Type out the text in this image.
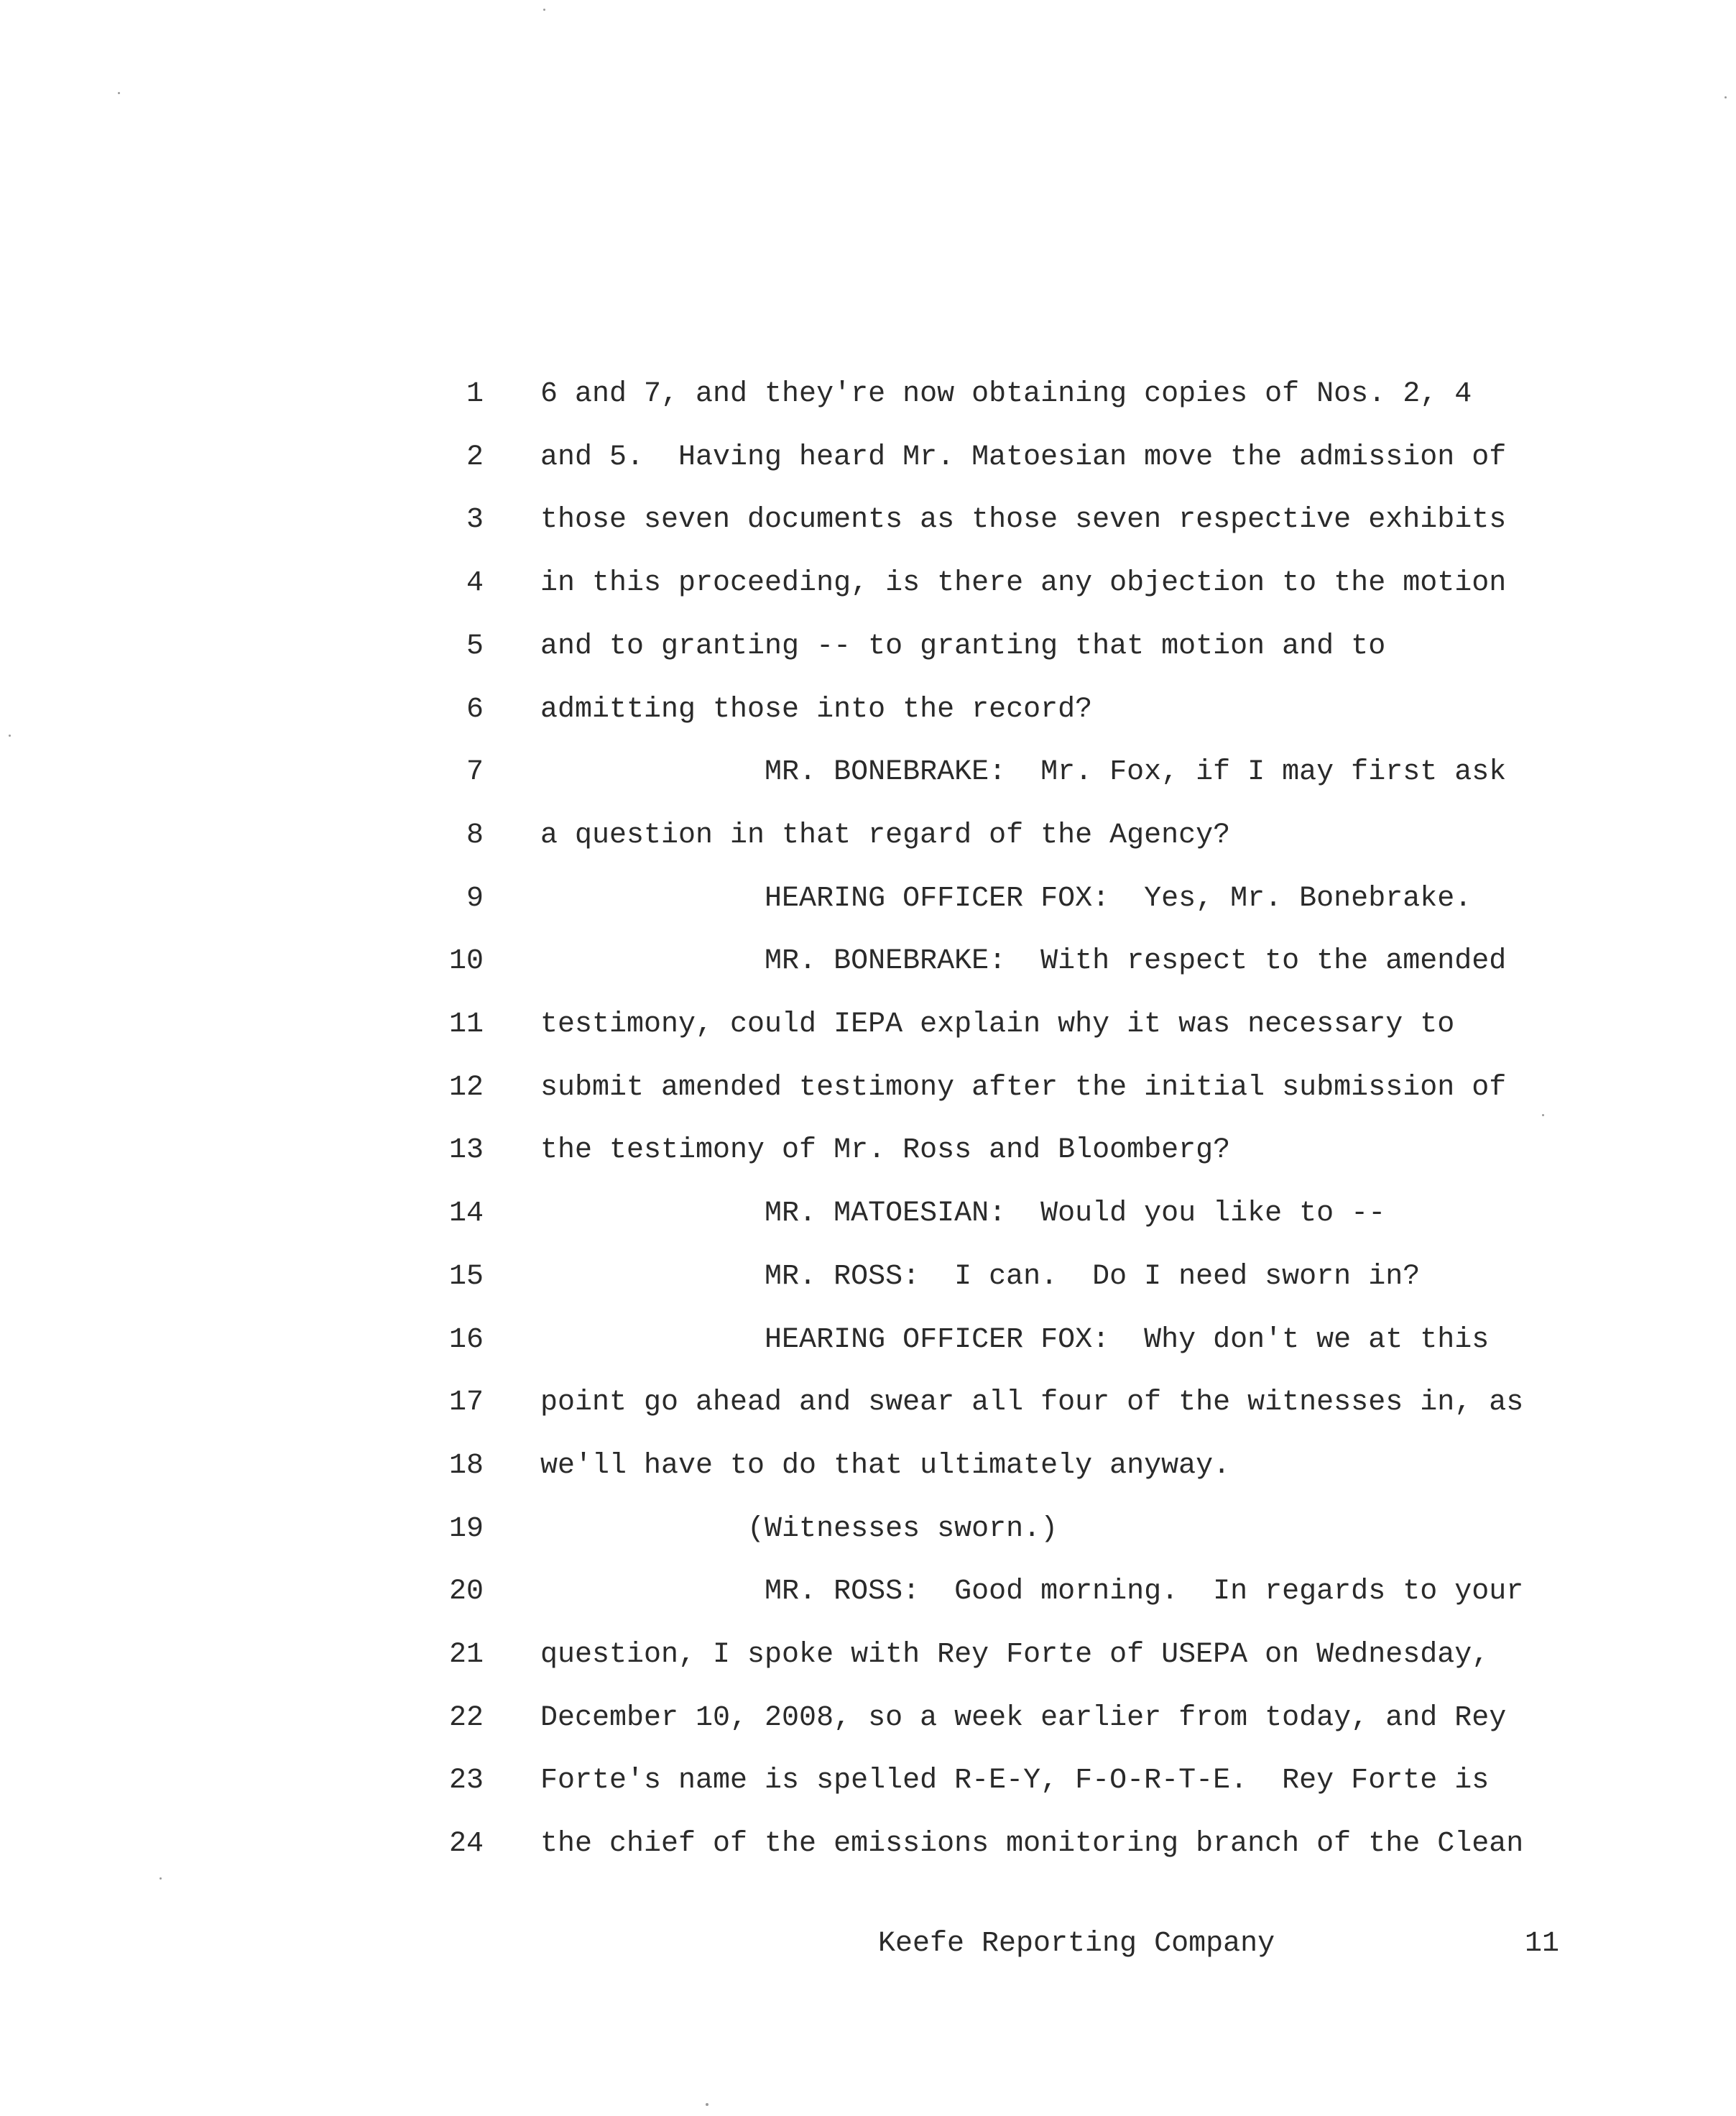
1 6 and 7, and they're now obtaining copies of Nos. 2, 4
2 and 5.  Having heard Mr. Matoesian move the admission of
3 those seven documents as those seven respective exhibits
4 in this proceeding, is there any objection to the motion
5 and to granting -- to granting that motion and to
6 admitting those into the record?
7 MR. BONEBRAKE:  Mr. Fox, if I may first ask
8 a question in that regard of the Agency?
9 HEARING OFFICER FOX:  Yes, Mr. Bonebrake.
10 MR. BONEBRAKE:  With respect to the amended
11 testimony, could IEPA explain why it was necessary to
12 submit amended testimony after the initial submission of
13 the testimony of Mr. Ross and Bloomberg?
14 MR. MATOESIAN:  Would you like to --
15 MR. ROSS:  I can.  Do I need sworn in?
16 HEARING OFFICER FOX:  Why don't we at this
17 point go ahead and swear all four of the witnesses in, as
18 we'll have to do that ultimately anyway.
19 (Witnesses sworn.)
20 MR. ROSS:  Good morning.  In regards to your
21 question, I spoke with Rey Forte of USEPA on Wednesday,
22 December 10, 2008, so a week earlier from today, and Rey
23 Forte's name is spelled R-E-Y, F-O-R-T-E.  Rey Forte is
24 the chief of the emissions monitoring branch of the Clean
Keefe Reporting Company	11
